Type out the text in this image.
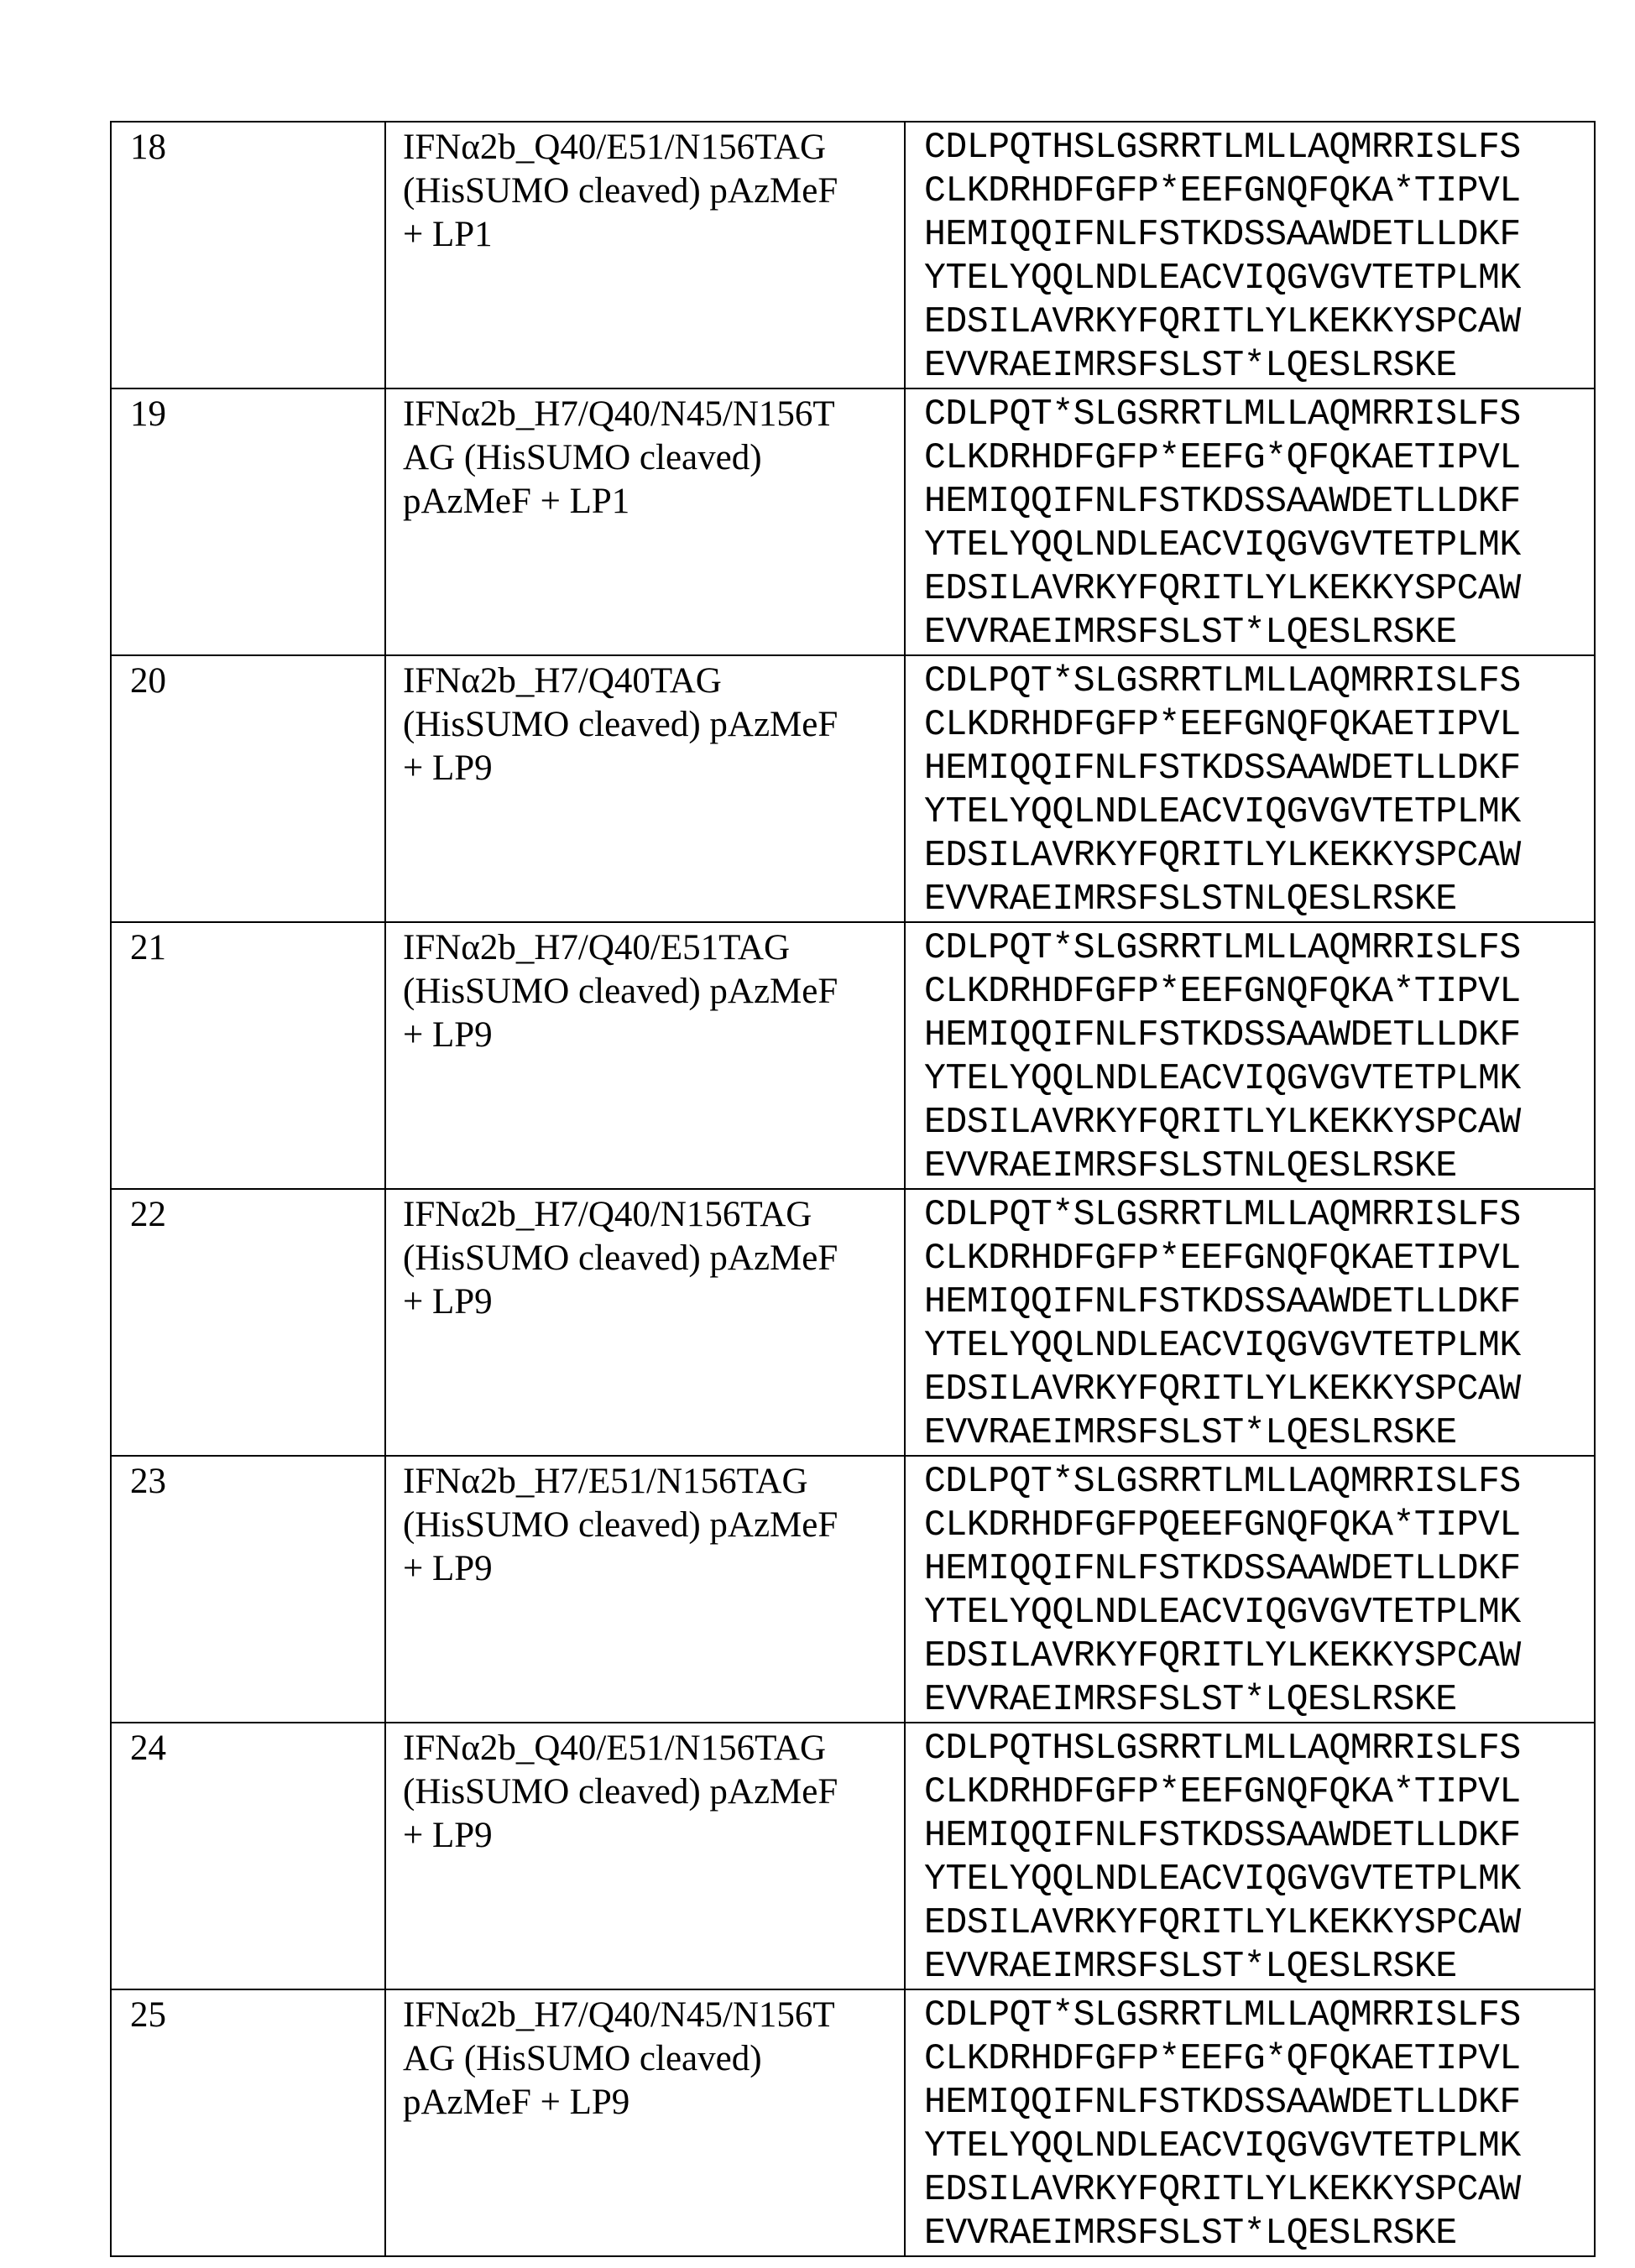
18	IFNα2b_Q40/E51/N156TAG
(HisSUMO cleaved) pAzMeF
+ LP1

CDLPQTHSLGSRRTLMLLAQMRRISLFS
CLKDRHDFGFP*EEFGNQFQKA*TIPVL
HEMIQQIFNLFSTKDSSAAWDETLLDKF
YTELYQQLNDLEACVIQGVGVTETPLMK
EDSILAVRKYFQRITLYLKEKKYSPCAW
EVVRAEIMRSFSLST*LQESLRSKE

19	IFNα2b_H7/Q40/N45/N156T
AG (HisSUMO cleaved)
pAzMeF + LP1

CDLPQT*SLGSRRTLMLLAQMRRISLFS
CLKDRHDFGFP*EEFG*QFQKAETIPVL
HEMIQQIFNLFSTKDSSAAWDETLLDKF
YTELYQQLNDLEACVIQGVGVTETPLMK
EDSILAVRKYFQRITLYLKEKKYSPCAW
EVVRAEIMRSFSLST*LQESLRSKE

20	IFNα2b_H7/Q40TAG
(HisSUMO cleaved) pAzMeF
+ LP9

CDLPQT*SLGSRRTLMLLAQMRRISLFS
CLKDRHDFGFP*EEFGNQFQKAETIPVL
HEMIQQIFNLFSTKDSSAAWDETLLDKF
YTELYQQLNDLEACVIQGVGVTETPLMK
EDSILAVRKYFQRITLYLKEKKYSPCAW
EVVRAEIMRSFSLSTNLQESLRSKE

21	IFNα2b_H7/Q40/E51TAG
(HisSUMO cleaved) pAzMeF
+ LP9

CDLPQT*SLGSRRTLMLLAQMRRISLFS
CLKDRHDFGFP*EEFGNQFQKA*TIPVL
HEMIQQIFNLFSTKDSSAAWDETLLDKF
YTELYQQLNDLEACVIQGVGVTETPLMK
EDSILAVRKYFQRITLYLKEKKYSPCAW
EVVRAEIMRSFSLSTNLQESLRSKE

22	IFNα2b_H7/Q40/N156TAG
(HisSUMO cleaved) pAzMeF
+ LP9

CDLPQT*SLGSRRTLMLLAQMRRISLFS
CLKDRHDFGFP*EEFGNQFQKAETIPVL
HEMIQQIFNLFSTKDSSAAWDETLLDKF
YTELYQQLNDLEACVIQGVGVTETPLMK
EDSILAVRKYFQRITLYLKEKKYSPCAW
EVVRAEIMRSFSLST*LQESLRSKE

23	IFNα2b_H7/E51/N156TAG
(HisSUMO cleaved) pAzMeF
+ LP9

CDLPQT*SLGSRRTLMLLAQMRRISLFS
CLKDRHDFGFPQEEFGNQFQKA*TIPVL
HEMIQQIFNLFSTKDSSAAWDETLLDKF
YTELYQQLNDLEACVIQGVGVTETPLMK
EDSILAVRKYFQRITLYLKEKKYSPCAW
EVVRAEIMRSFSLST*LQESLRSKE

24	IFNα2b_Q40/E51/N156TAG
(HisSUMO cleaved) pAzMeF
+ LP9

CDLPQTHSLGSRRTLMLLAQMRRISLFS
CLKDRHDFGFP*EEFGNQFQKA*TIPVL
HEMIQQIFNLFSTKDSSAAWDETLLDKF
YTELYQQLNDLEACVIQGVGVTETPLMK
EDSILAVRKYFQRITLYLKEKKYSPCAW
EVVRAEIMRSFSLST*LQESLRSKE

25	IFNα2b_H7/Q40/N45/N156T
AG (HisSUMO cleaved)
pAzMeF + LP9

CDLPQT*SLGSRRTLMLLAQMRRISLFS
CLKDRHDFGFP*EEFG*QFQKAETIPVL
HEMIQQIFNLFSTKDSSAAWDETLLDKF
YTELYQQLNDLEACVIQGVGVTETPLMK
EDSILAVRKYFQRITLYLKEKKYSPCAW
EVVRAEIMRSFSLST*LQESLRSKE
